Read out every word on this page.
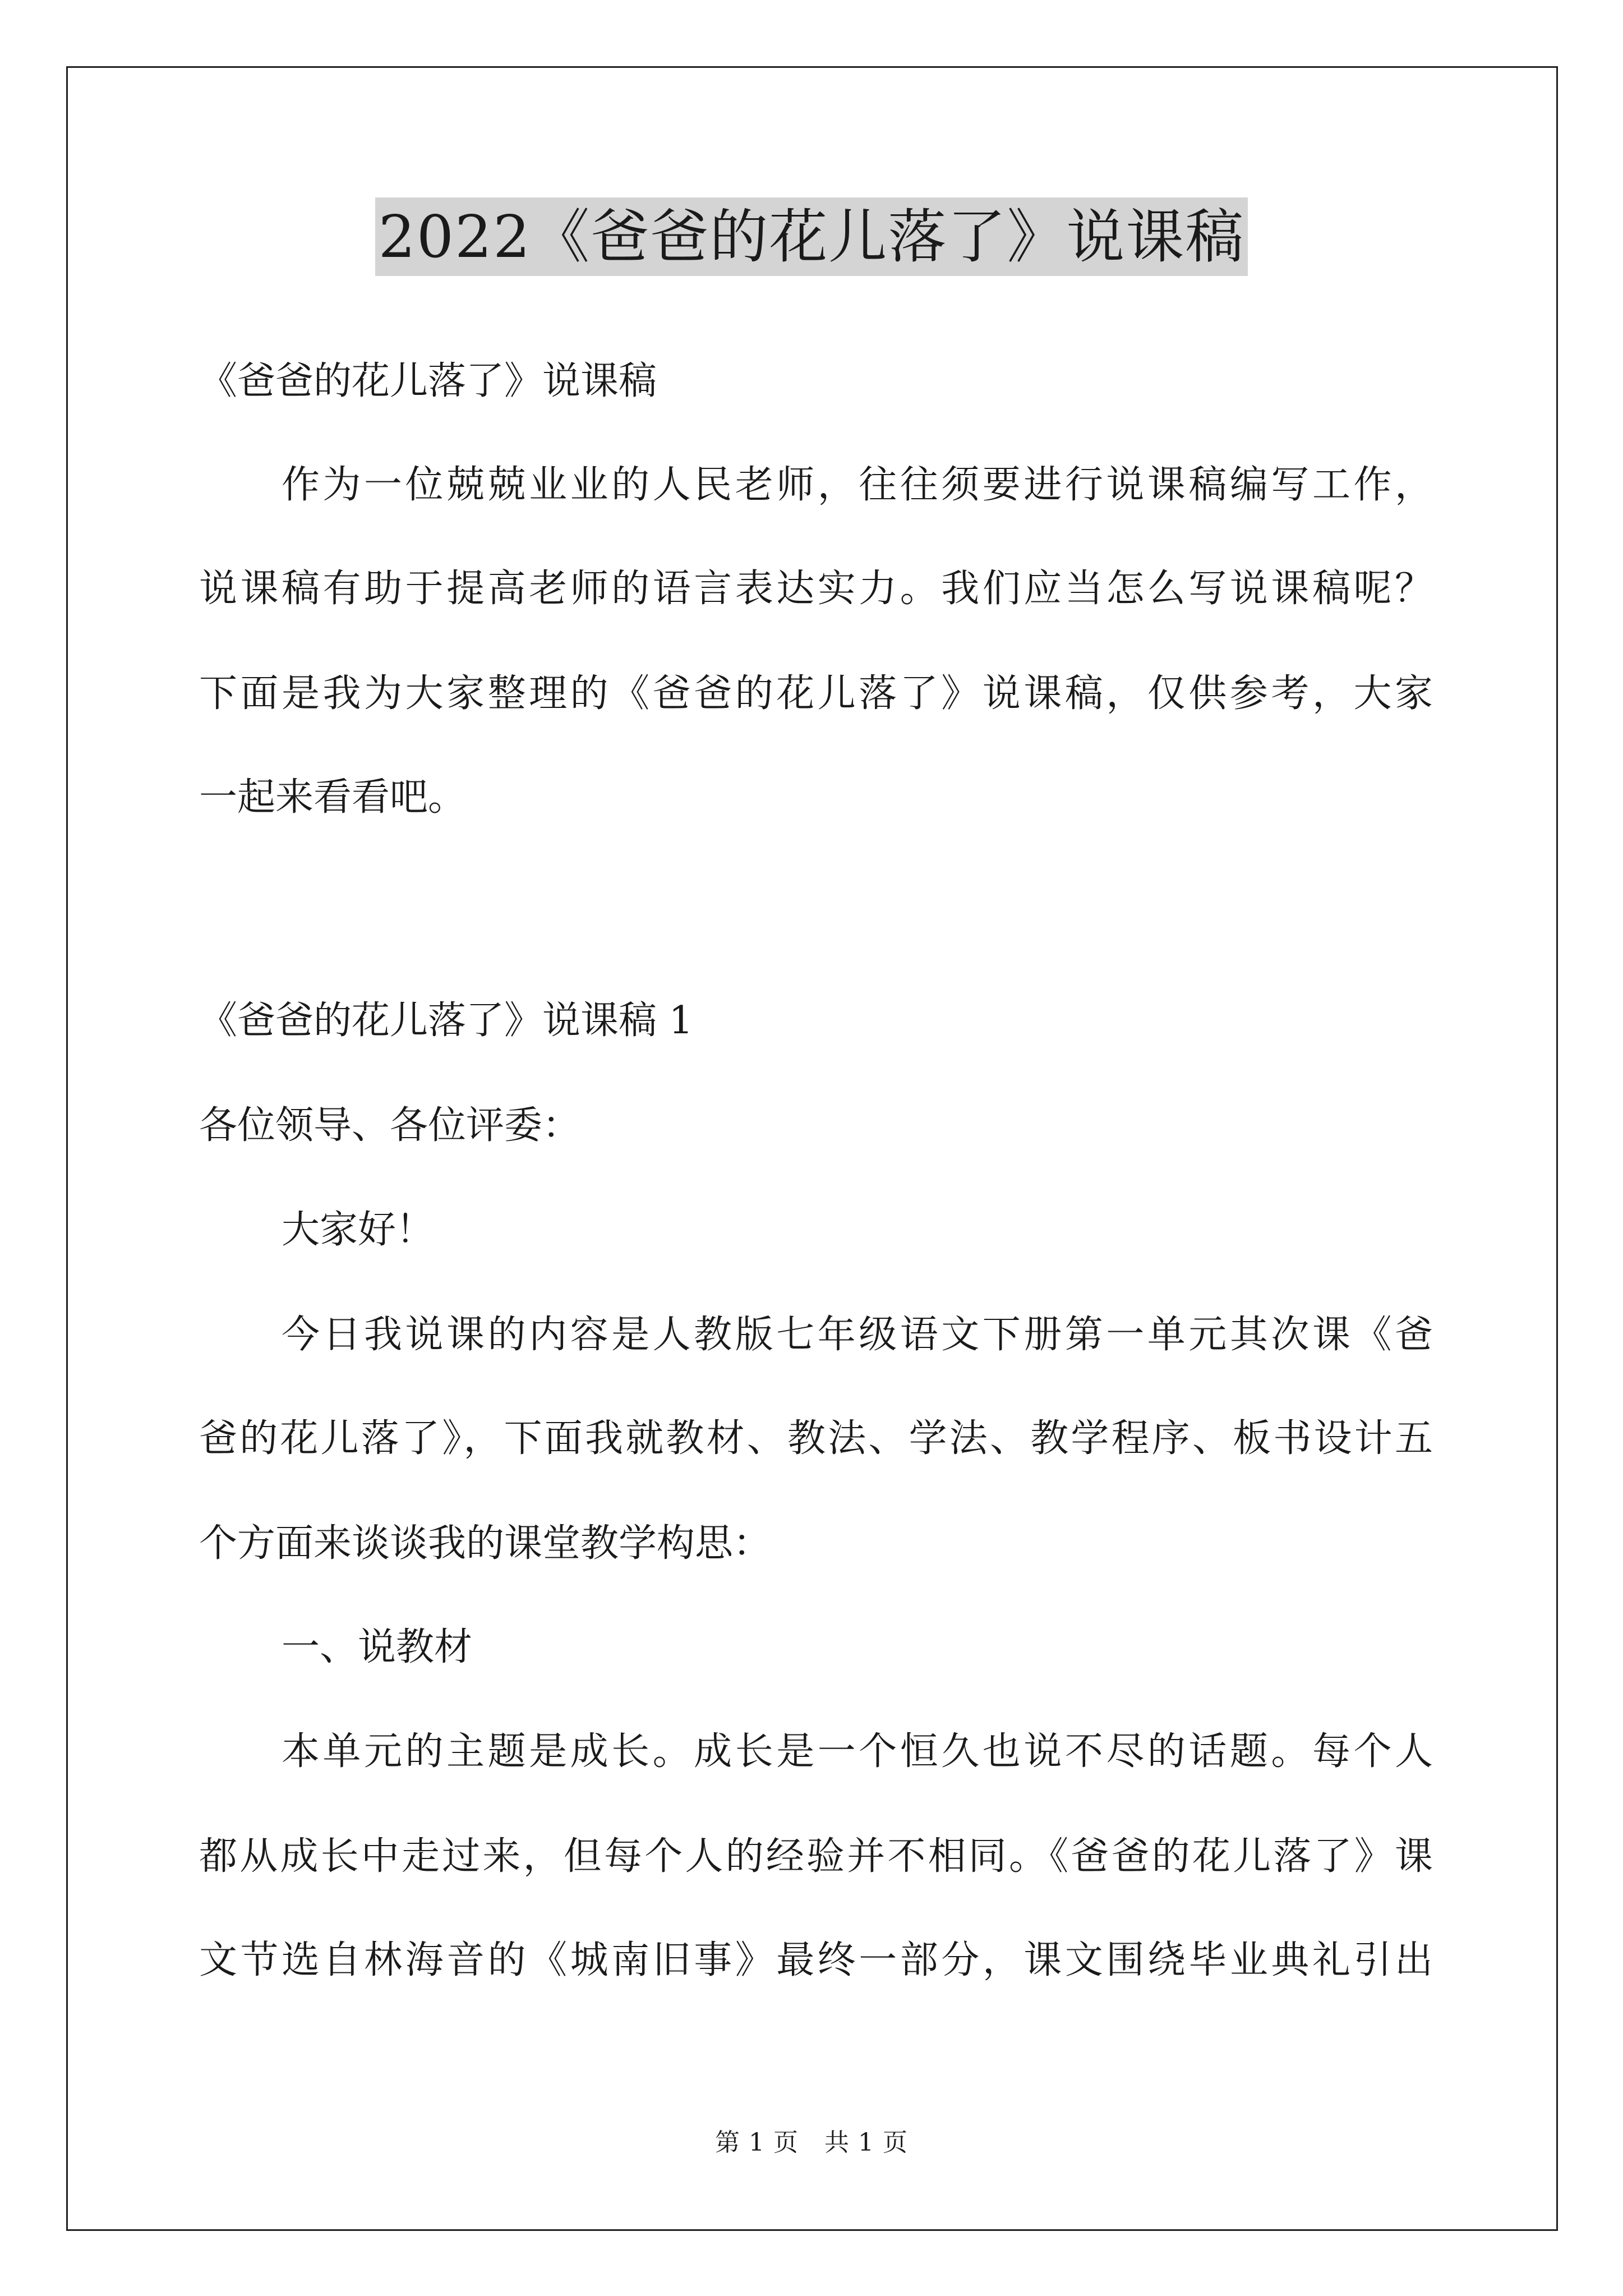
2022《爸爸的花儿落了》说课稿
《爸爸的花儿落了》说课稿
作为一位兢兢业业的人民老师，往往须要进行说课稿编写工作，
说课稿有助于提高老师的语言表达实力。我们应当怎么写说课稿呢？
下面是我为大家整理的《爸爸的花儿落了》说课稿，仅供参考，大家
一起来看看吧。
《爸爸的花儿落了》说课稿 1
各位领导、各位评委：
大家好！
今日我说课的内容是人教版七年级语文下册第一单元其次课《爸
爸的花儿落了》，下面我就教材、教法、学法、教学程序、板书设计五
个方面来谈谈我的课堂教学构思：
一、说教材
本单元的主题是成长。成长是一个恒久也说不尽的话题。每个人
都从成长中走过来，但每个人的经验并不相同。《爸爸的花儿落了》课
文节选自林海音的《城南旧事》最终一部分，课文围绕毕业典礼引出
第 1 页 共 1 页
